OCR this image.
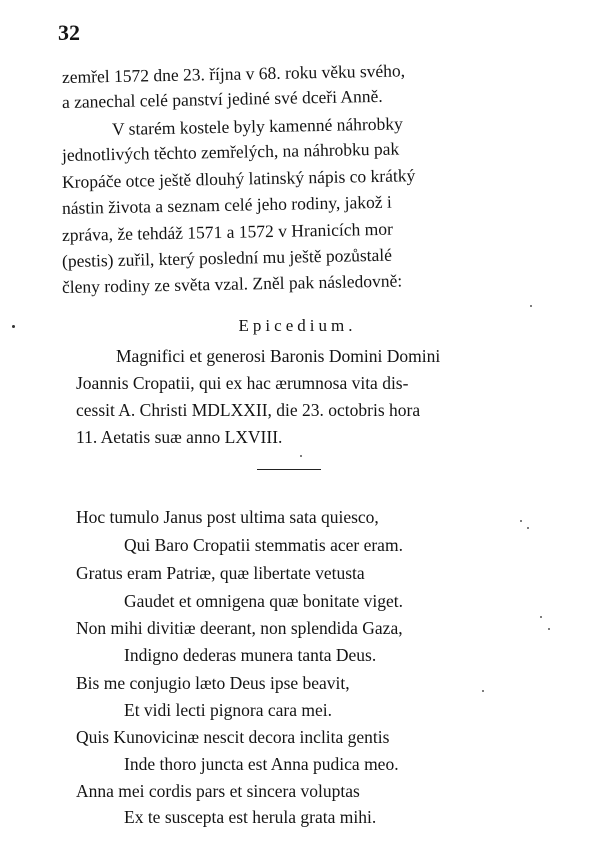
32
zemřel 1572 dne 23. října v 68. roku věku svého,
a zanechal celé panství jediné své dceři Anně.
V starém kostele byly kamenné náhrobky
jednotlivých těchto zemřelých, na náhrobku pak
Kropáče otce ještě dlouhý latinský nápis co krátký
nástin života a seznam celé jeho rodiny, jakož i
zpráva, že tehdáž 1571 a 1572 v Hranicích mor
(pestis) zuřil, který poslední mu ještě pozůstalé
členy rodiny ze světa vzal. Zněl pak následovně:
Epicedium.
Magnifici et generosi Baronis Domini Domini
Joannis Cropatii, qui ex hac ærumnosa vita dis-
cessit A. Christi MDLXXII, die 23. octobris hora
11. Aetatis suæ anno LXVIII.
Hoc tumulo Janus post ultima sata quiesco,
Qui Baro Cropatii stemmatis acer eram.
Gratus eram Patriæ, quæ libertate vetusta
Gaudet et omnigena quæ bonitate viget.
Non mihi divitiæ deerant, non splendida Gaza,
Indigno dederas munera tanta Deus.
Bis me conjugio læto Deus ipse beavit,
Et vidi lecti pignora cara mei.
Quis Kunovicinæ nescit decora inclita gentis
Inde thoro juncta est Anna pudica meo.
Anna mei cordis pars et sincera voluptas
Ex te suscepta est herula grata mihi.
